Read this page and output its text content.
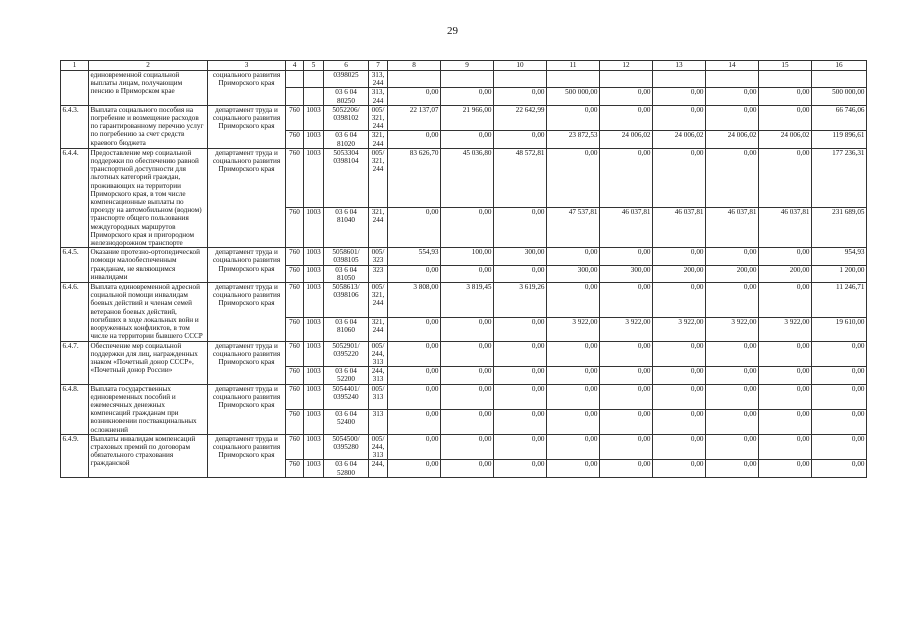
29
1	2	3	4	5	6	7	8	9	10	11	12	13	14	15	16
	единовременной социальной выплаты лицам, получающим пенсию в Приморском крае	социального развития Примoрского края			0398025	313, 244									
					03 6 04 80250	313, 244	0,00	0,00	0,00	500 000,00	0,00	0,00	0,00	0,00	500 000,00
6.4.3.	Выплата социального пособия на погребение и возмещение расходов по гарантированному перечню услуг по погребению за счет средств краевого бюджета	департамент труда и социального развития Приморского края	760	1003	5052206/ 0398102	005/ 321, 244	22 137,07	21 966,00	22 642,99	0,00	0,00	0,00	0,00	0,00	66 746,06
			760	1003	03 6 04 81020	321, 244	0,00	0,00	0,00	23 872,53	24 006,02	24 006,02	24 006,02	24 006,02	119 896,61
6.4.4.	Предоставление мер социальной поддержки по обеспечению равной транспортной доступности для льготных категорий граждан, проживающих на территории Приморского края, в том числе компенсационные выплаты по проезду на автомобильном (водном) транспорте общего пользования междугородных маршрутов Приморского края и пригородном железнодорожном транспорте	департамент труда и социального развития Приморского края	760	1003	5053304 0398104	005/ 321, 244	83 626,70	45 036,80	48 572,81	0,00	0,00	0,00	0,00	0,00	177 236,31
			760	1003	03 6 04 81040	321, 244	0,00	0,00	0,00	47 537,81	46 037,81	46 037,81	46 037,81	46 037,81	231 689,05
6.4.5.	Оказание протезно-ортопедической помощи малообеспеченным гражданам, не являющимся инвалидами	департамент труда и социального развития Приморского края	760	1003	5058601/ 0398105	005/ 323	554,93	100,00	300,00	0,00	0,00	0,00	0,00	0,00	954,93
			760	1003	03 6 04 81050	323	0,00	0,00	0,00	300,00	300,00	200,00	200,00	200,00	1 200,00
6.4.6.	Выплата единовременной адресной социальной помощи инвалидам боевых действий и членам семей ветеранов боевых действий, погибших в ходе локальных войн и вооруженных конфликтов, в том числе на территории бывшего СССР	департамент труда и социального развития Приморского края	760	1003	5058613/ 0398106	005/ 321, 244	3 808,00	3 819,45	3 619,26	0,00	0,00	0,00	0,00	0,00	11 246,71
			760	1003	03 6 04 81060	321, 244	0,00	0,00	0,00	3 922,00	3 922,00	3 922,00	3 922,00	3 922,00	19 610,00
6.4.7.	Обеспечение мер социальной поддержки для лиц, награжденных знаком «Почетный донор СССР», «Почетный донор России»	департамент труда и социального развития Приморского края	760	1003	5052901/ 0395220	005/ 244, 313	0,00	0,00	0,00	0,00	0,00	0,00	0,00	0,00	0,00
			760	1003	03 6 04 52200	244, 313	0,00	0,00	0,00	0,00	0,00	0,00	0,00	0,00	0,00
6.4.8.	Выплата государственных единовременных пособий и ежемесячных денежных компенсаций гражданам при возникновении поствакцинальных осложнений	департамент труда и социального развития Приморского края	760	1003	5054401/ 0395240	005/ 313	0,00	0,00	0,00	0,00	0,00	0,00	0,00	0,00	0,00
			760	1003	03 6 04 52400	313	0,00	0,00	0,00	0,00	0,00	0,00	0,00	0,00	0,00
6.4.9.	Выплаты инвалидам компенсаций страховых премий по договорам обязательного страхования гражданской	департамент труда и социального развития Приморского края	760	1003	5054500/ 0395280	005/ 244, 313	0,00	0,00	0,00	0,00	0,00	0,00	0,00	0,00	0,00
			760	1003	03 6 04 52800	244,	0,00	0,00	0,00	0,00	0,00	0,00	0,00	0,00	0,00
